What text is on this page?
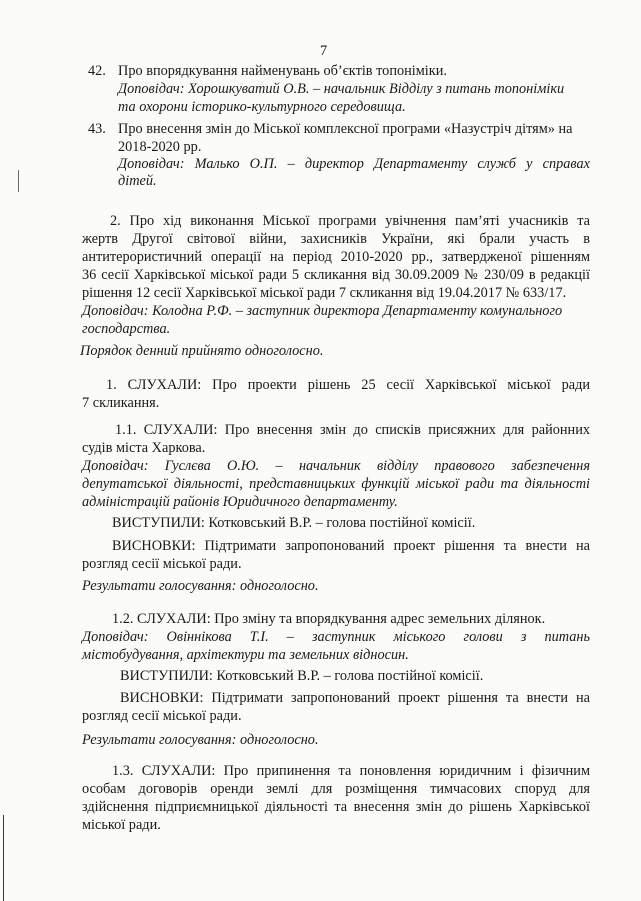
7
42. Про впорядкування найменувань об’єктів топоніміки.
Доповідач: Хорошкуватий О.В. – начальник Відділу з питань топоніміки
та охорони історико-культурного середовища.
43. Про внесення змін до Міської комплексної програми «Назустріч дітям» на
2018-2020 рр.
Доповідач: Малько О.П. – директор Департаменту служб у справах
дітей.
2. Про хід виконання Міської програми увічнення пам’яті учасників та
жертв Другої світової війни, захисників України, які брали участь в
антитерористичний операції на період 2010-2020 рр., затвердженої рішенням
36 сесії Харківської міської ради 5 скликання від 30.09.2009 № 230/09 в редакції
рішення 12 сесії Харківської міської ради 7 скликання від 19.04.2017 № 633/17.
Доповідач: Колодна Р.Ф. – заступник директора Департаменту комунального
господарства.
Порядок денний прийнято одноголосно.
1. СЛУХАЛИ: Про проекти рішень 25 сесії Харківської міської ради
7 скликання.
1.1. СЛУХАЛИ: Про внесення змін до списків присяжних для районних
судів міста Харкова.
Доповідач: Гуслєва О.Ю. – начальник відділу правового забезпечення
депутатської діяльності, представницьких функцій міської ради та діяльності
адміністрацій районів Юридичного департаменту.
ВИСТУПИЛИ: Котковський В.Р. – голова постійної комісії.
ВИСНОВКИ: Підтримати запропонований проект рішення та внести на
розгляд сесії міської ради.
Результати голосування: одноголосно.
1.2. СЛУХАЛИ: Про зміну та впорядкування адрес земельних ділянок.
Доповідач: Овіннікова Т.І. – заступник міського голови з питань
містобудування, архітектури та земельних відносин.
ВИСТУПИЛИ: Котковський В.Р. – голова постійної комісії.
ВИСНОВКИ: Підтримати запропонований проект рішення та внести на
розгляд сесії міської ради.
Результати голосування: одноголосно.
1.3. СЛУХАЛИ: Про припинення та поновлення юридичним і фізичним
особам договорів оренди землі для розміщення тимчасових споруд для
здійснення підприємницької діяльності та внесення змін до рішень Харківської
міської ради.
